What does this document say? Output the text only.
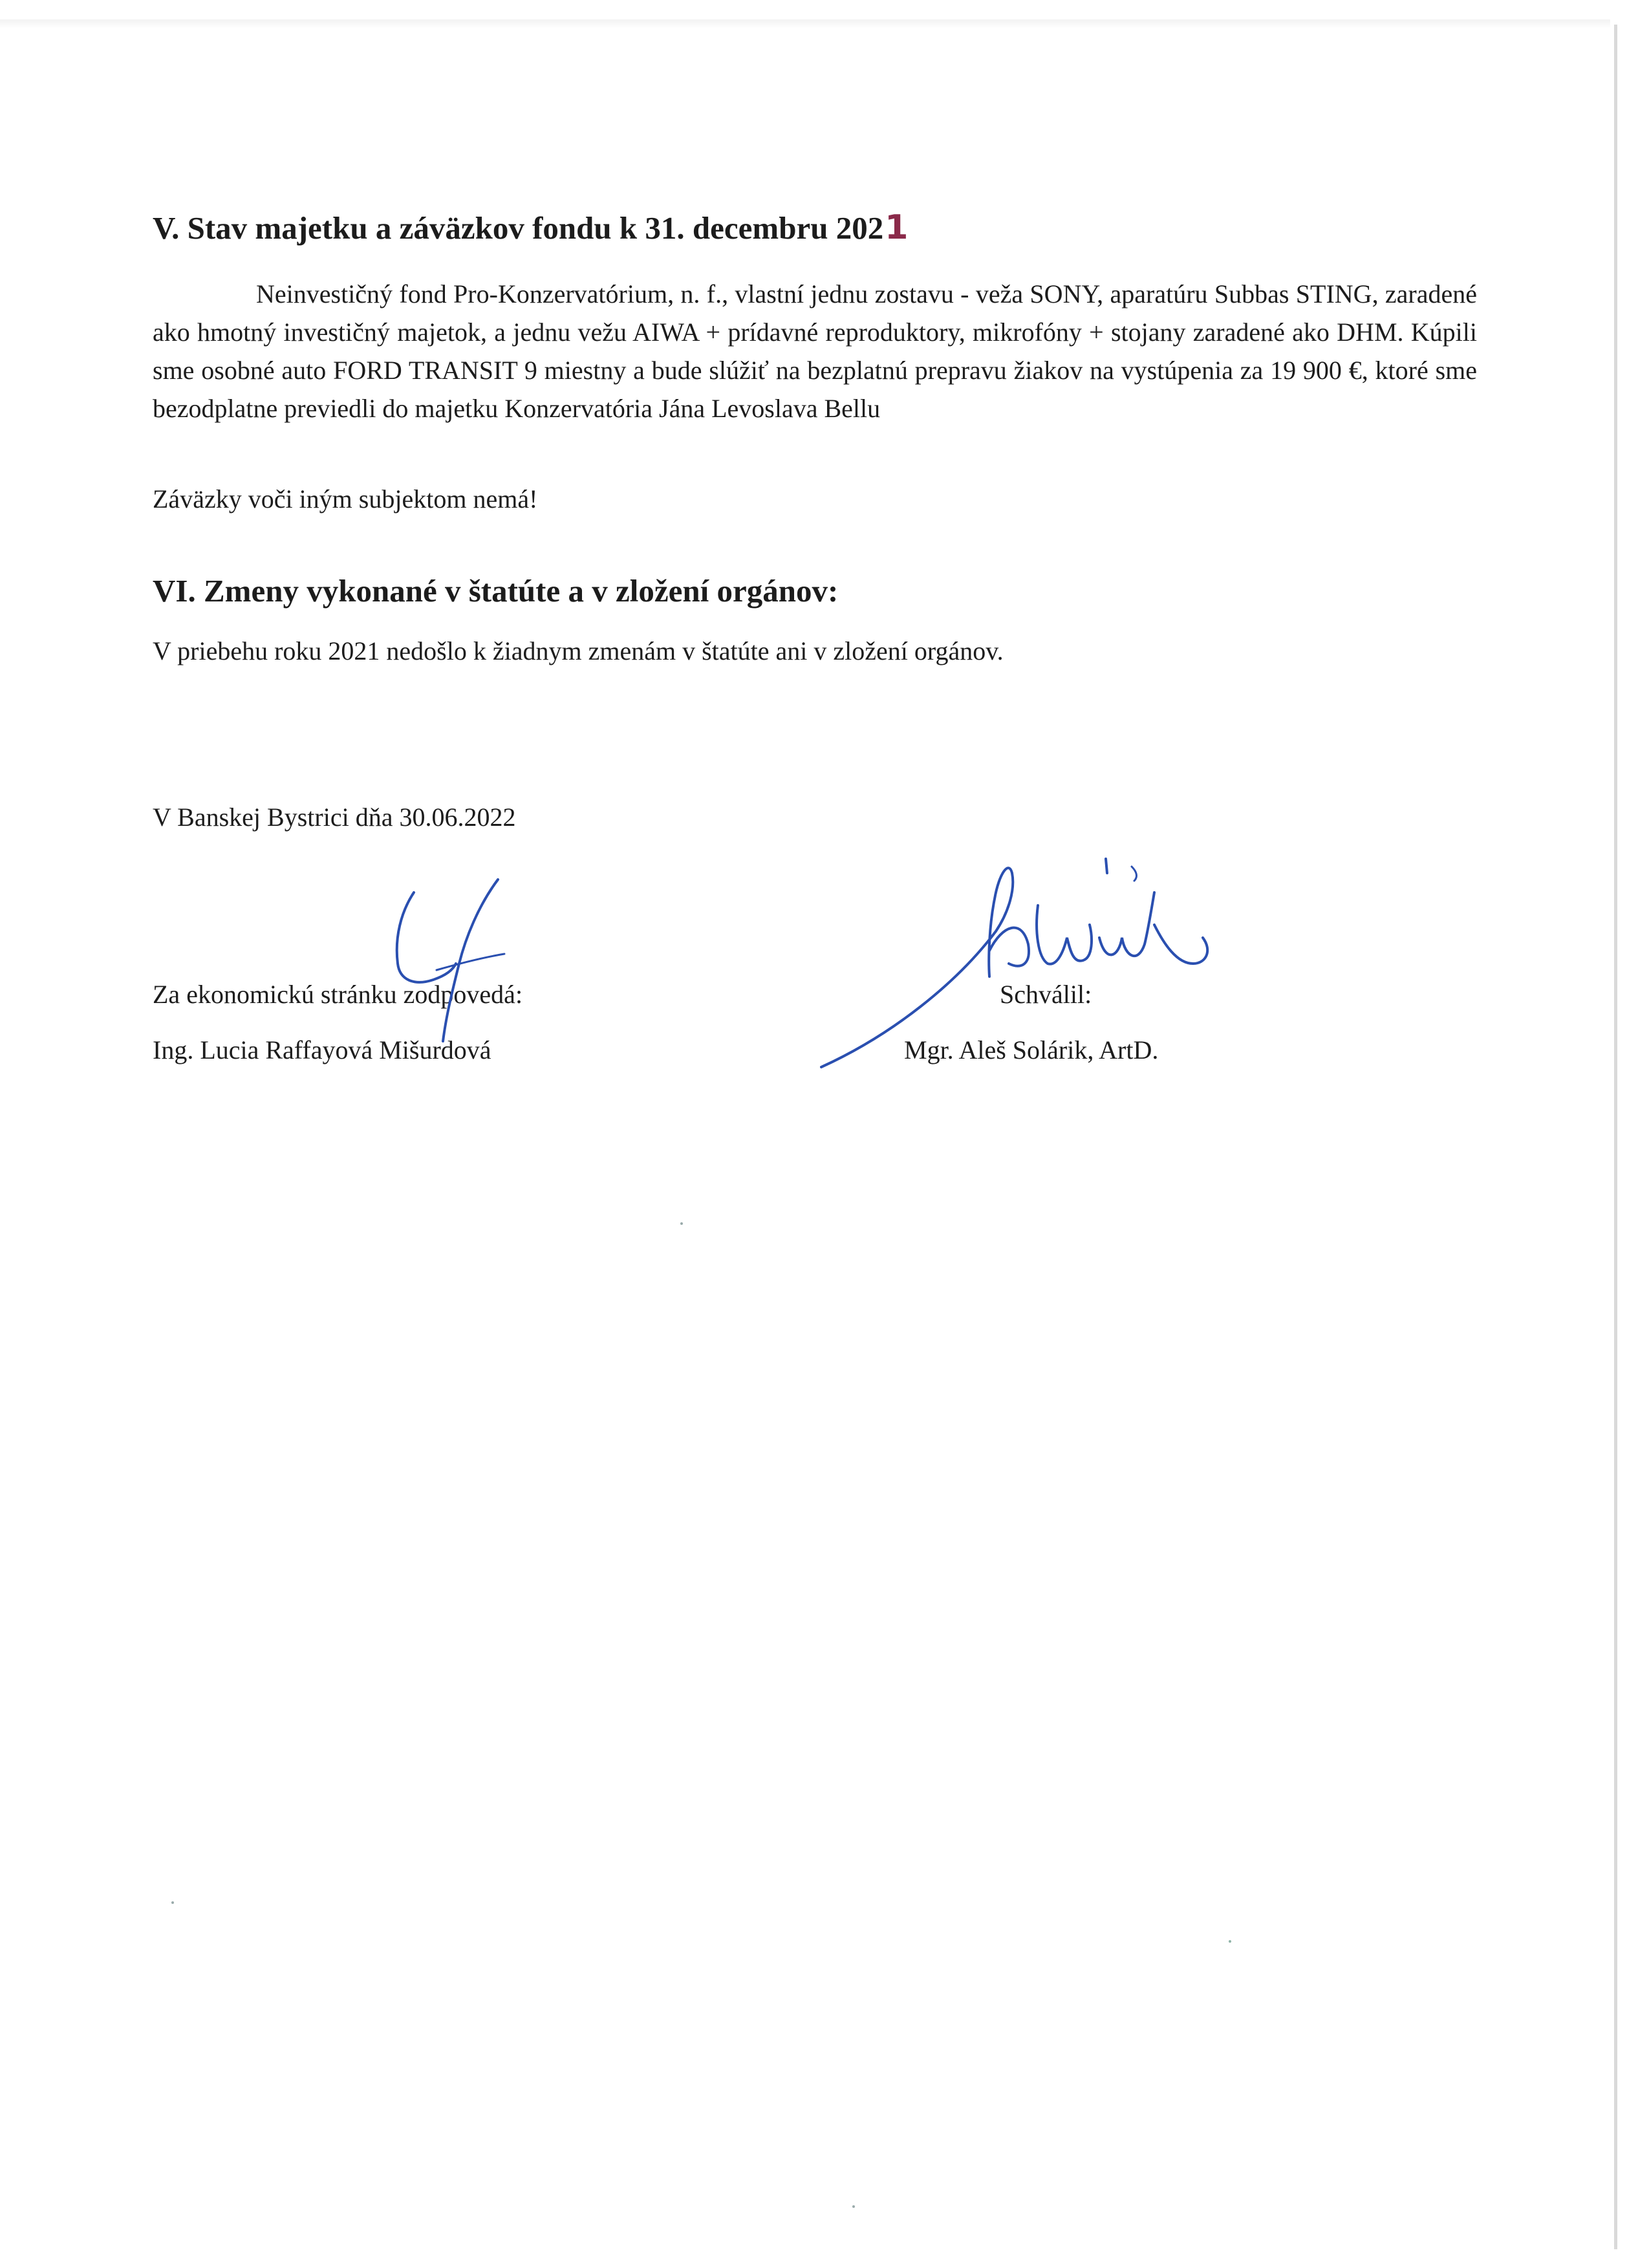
V. Stav majetku a záväzkov fondu k 31. decembru 2021

Neinvestičný fond Pro-Konzervatórium, n. f., vlastní jednu zostavu - veža SONY, aparatúru Subbas STING, zaradené ako hmotný investičný majetok, a jednu vežu AIWA + prídavné reproduktory, mikrofóny + stojany zaradené ako DHM. Kúpili sme osobné auto FORD TRANSIT 9 miestny a bude slúžiť na bezplatnú prepravu žiakov na vystúpenia za 19 900 €, ktoré sme bezodplatne previedli do majetku Konzervatória Jána Levoslava Bellu

Záväzky voči iným subjektom nemá!

VI. Zmeny vykonané v štatúte a v zložení orgánov:

V priebehu roku 2021 nedošlo k žiadnym zmenám v štatúte ani v zložení orgánov.

V Banskej Bystrici dňa 30.06.2022

Za ekonomickú stránku zodpovedá:

Ing. Lucia Raffayová Mišurdová

Schválil:

Mgr. Aleš Solárik, ArtD.
